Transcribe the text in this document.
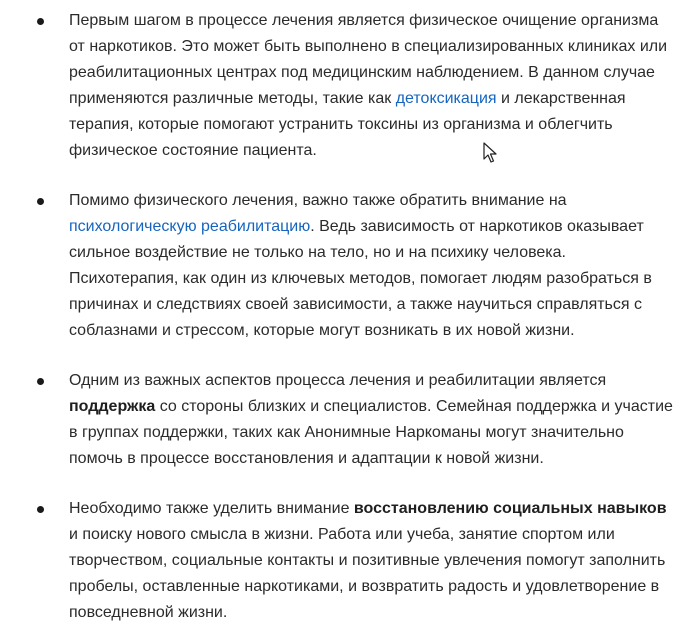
Первым шагом в процессе лечения является физическое очищение организма от наркотиков. Это может быть выполнено в специализированных клиниках или реабилитационных центрах под медицинским наблюдением. В данном случае применяются различные методы, такие как детоксикация и лекарственная терапия, которые помогают устранить токсины из организма и облегчить физическое состояние пациента.
Помимо физического лечения, важно также обратить внимание на психологическую реабилитацию. Ведь зависимость от наркотиков оказывает сильное воздействие не только на тело, но и на психику человека. Психотерапия, как один из ключевых методов, помогает людям разобраться в причинах и следствиях своей зависимости, а также научиться справляться с соблазнами и стрессом, которые могут возникать в их новой жизни.
Одним из важных аспектов процесса лечения и реабилитации является поддержка со стороны близких и специалистов. Семейная поддержка и участие в группах поддержки, таких как Анонимные Наркоманы могут значительно помочь в процессе восстановления и адаптации к новой жизни.
Необходимо также уделить внимание восстановлению социальных навыков и поиску нового смысла в жизни. Работа или учеба, занятие спортом или творчеством, социальные контакты и позитивные увлечения помогут заполнить пробелы, оставленные наркотиками, и возвратить радость и удовлетворение в повседневной жизни.
